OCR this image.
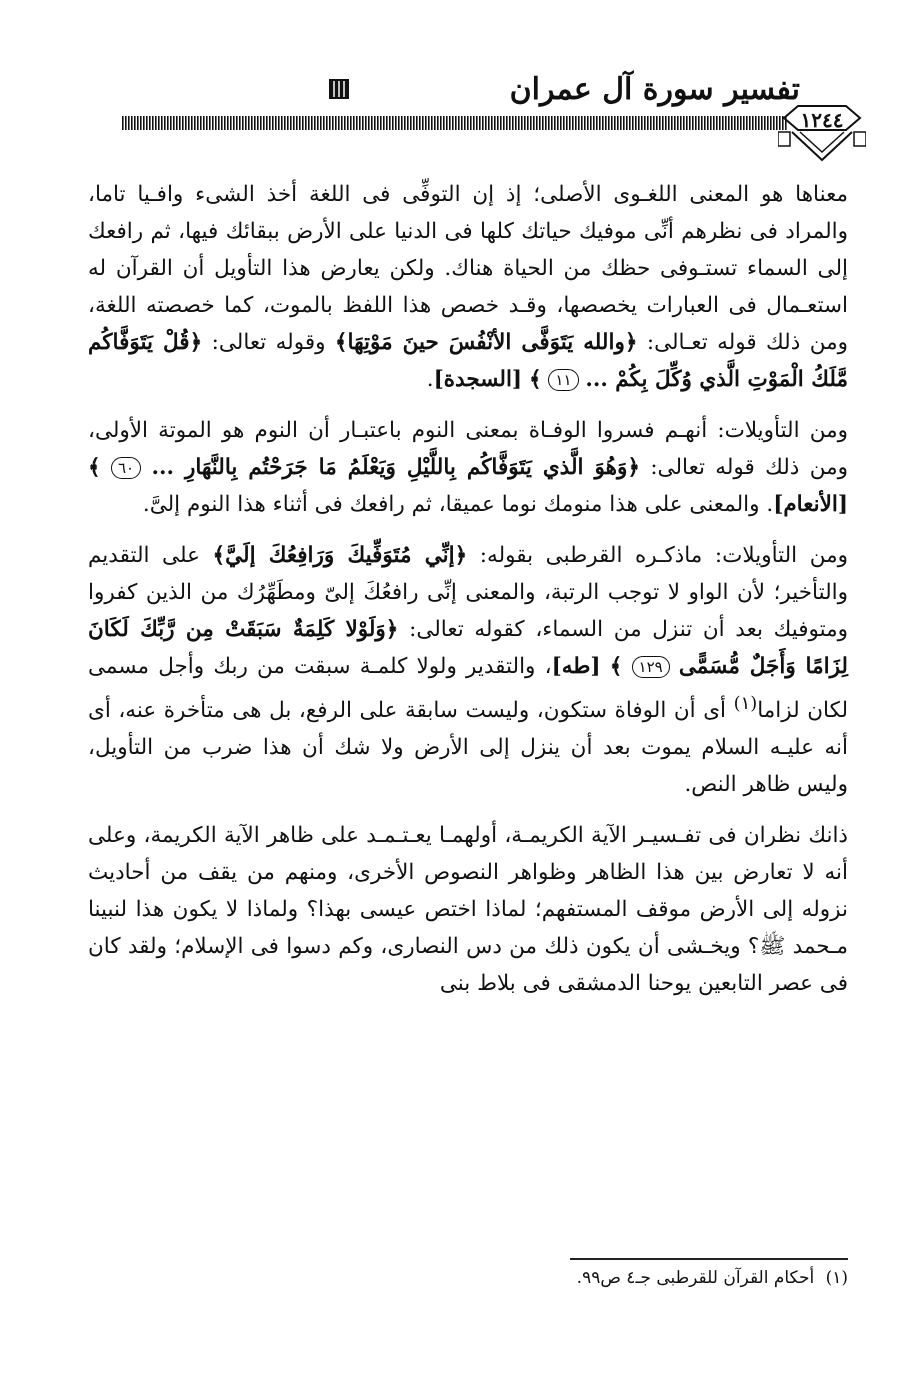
تفسير سورة آل عمران
١٢٤٤

معناها هو المعنى اللغـوى الأصلى؛ إذ إن التوفِّى فى اللغة أخذ الشىء وافـيا تاما، والمراد فى نظرهم أنِّى موفيك حياتك كلها فى الدنيا على الأرض ببقائك فيها، ثم رافعك إلى السماء تستـوفى حظك من الحياة هناك. ولكن يعارض هذا التأويل أن القرآن له استعـمال فى العبارات يخصصها، وقـد خصص هذا اللفظ بالموت، كما خصصته اللغة، ومن ذلك قوله تعـالى: ﴿والله يَتَوَفَّى الأنْفُسَ حينَ مَوْتِهَا﴾ وقوله تعالى: ﴿قُلْ يَتَوَفَّاكُم مَّلَكُ الْمَوْتِ الَّذي وُكِّلَ بِكُمْ ... ١١ ﴾ [السجدة].

ومن التأويلات: أنهـم فسروا الوفـاة بمعنى النوم باعتبـار أن النوم هو الموتة الأولى، ومن ذلك قوله تعالى: ﴿وَهُوَ الَّذي يَتَوَفَّاكُم بِاللَّيْلِ وَيَعْلَمُ مَا جَرَحْتُم بِالنَّهَارِ ... ٦٠ ﴾ [الأنعام]. والمعنى على هذا منومك نوما عميقا، ثم رافعك فى أثناء هذا النوم إلىَّ.

ومن التأويلات: ماذكـره القرطبى بقوله: ﴿إنِّي مُتَوَفِّيكَ وَرَافِعُكَ إلَيَّ﴾ على التقديم والتأخير؛ لأن الواو لا توجب الرتبة، والمعنى إنِّى رافعُكَ إلىّ ومطَهِّرُك من الذين كفروا ومتوفيك بعد أن تنزل من السماء، كقوله تعالى: ﴿وَلَوْلا كَلِمَةٌ سَبَقَتْ مِن رَّبِّكَ لَكَانَ لِزَامًا وَأَجَلٌ مُّسَمًّى ١٢٩ ﴾ [طه]، والتقدير ولولا كلمـة سبقت من ربك وأجل مسمى لكان لزاما$^{(١)}$ أى أن الوفاة ستكون، وليست سابقة على الرفع، بل هى متأخرة عنه، أى أنه عليـه السلام يموت بعد أن ينزل إلى الأرض ولا شك أن هذا ضرب من التأويل، وليس ظاهر النص.

ذانك نظران فى تفـسيـر الآية الكريمـة، أولهمـا يعـتـمـد على ظاهر الآية الكريمة، وعلى أنه لا تعارض بين هذا الظاهر وظواهر النصوص الأخرى، ومنهم من يقف من أحاديث نزوله إلى الأرض موقف المستفهم؛ لماذا اختص عيسى بهذا؟ ولماذا لا يكون هذا لنبينا مـحمد ﷺ؟ ويخـشى أن يكون ذلك من دس النصارى، وكم دسوا فى الإسلام؛ ولقد كان فى عصر التابعين يوحنا الدمشقى فى بلاط بنى

(١) أحكام القرآن للقرطبى جـ٤ ص٩٩.
